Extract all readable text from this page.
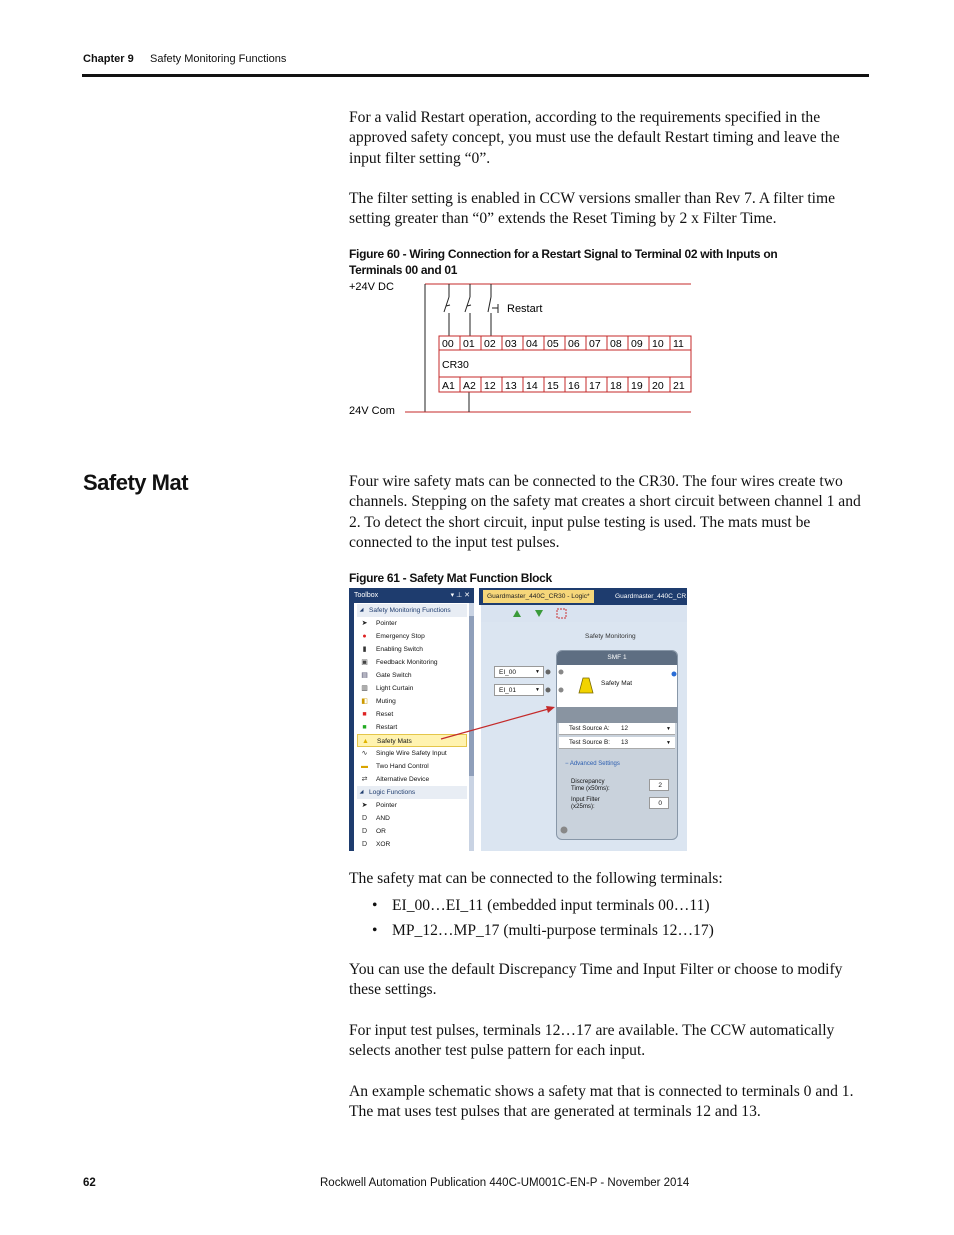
Chapter 9 Safety Monitoring Functions

For a valid Restart operation, according to the requirements specified in the approved safety concept, you must use the default Restart timing and leave the input filter setting “0”.

The filter setting is enabled in CCW versions smaller than Rev 7. A filter time setting greater than “0” extends the Reset Timing by 2 x Filter Time.

Figure 60 - Wiring Connection for a Restart Signal to Terminal 02 with Inputs on Terminals 00 and 01
+24V DC
24V Com
Restart
00 01 02 03 04 05 06 07 08 09 10 11
A1 A2 12 13 14 15 16 17 18 19 20 21
CR30
Safety Mat	Four wire safety mats can be connected to the CR30. The four wires create two channels. Stepping on the safety mat creates a short circuit between channel 1 and 2. To detect the short circuit, input pulse testing is used. The mats must be connected to the input test pulses.

Figure 61 - Safety Mat Function Block
Toolbox	▾ ⊥ ✕
◢ Safety Monitoring Functions
➤ Pointer
● Emergency Stop
▮ Enabling Switch
▣ Feedback Monitoring
▤ Gate Switch
▥ Light Curtain
◧ Muting
■ Reset
■ Restart
▲ Safety Mats
∿ Single Wire Safety Input
▬ Two Hand Control
⇄ Alternative Device
◢ Logic Functions
➤ Pointer
D AND
D OR
D XOR
Guardmaster_440C_CR30 - Logic*	Guardmaster_440C_CR
Safety Monitoring
EI_00	▼
EI_01	▼
SMF 1
Safety Mat
Test Source A: 12	▼
Test Source B: 13	▼
− Advanced Settings
Discrepancy
Time (x50ms):	2
Input Filter
(x25ms):	0

The safety mat can be connected to the following terminals:

• EI_00…EI_11 (embedded input terminals 00…11)
• MP_12…MP_17 (multi-purpose terminals 12…17)

You can use the default Discrepancy Time and Input Filter or choose to modify these settings.

For input test pulses, terminals 12…17 are available. The CCW automatically selects another test pulse pattern for each input.

An example schematic shows a safety mat that is connected to terminals 0 and 1. The mat uses test pulses that are generated at terminals 12 and 13.

62	Rockwell Automation Publication 440C-UM001C-EN-P - November 2014
